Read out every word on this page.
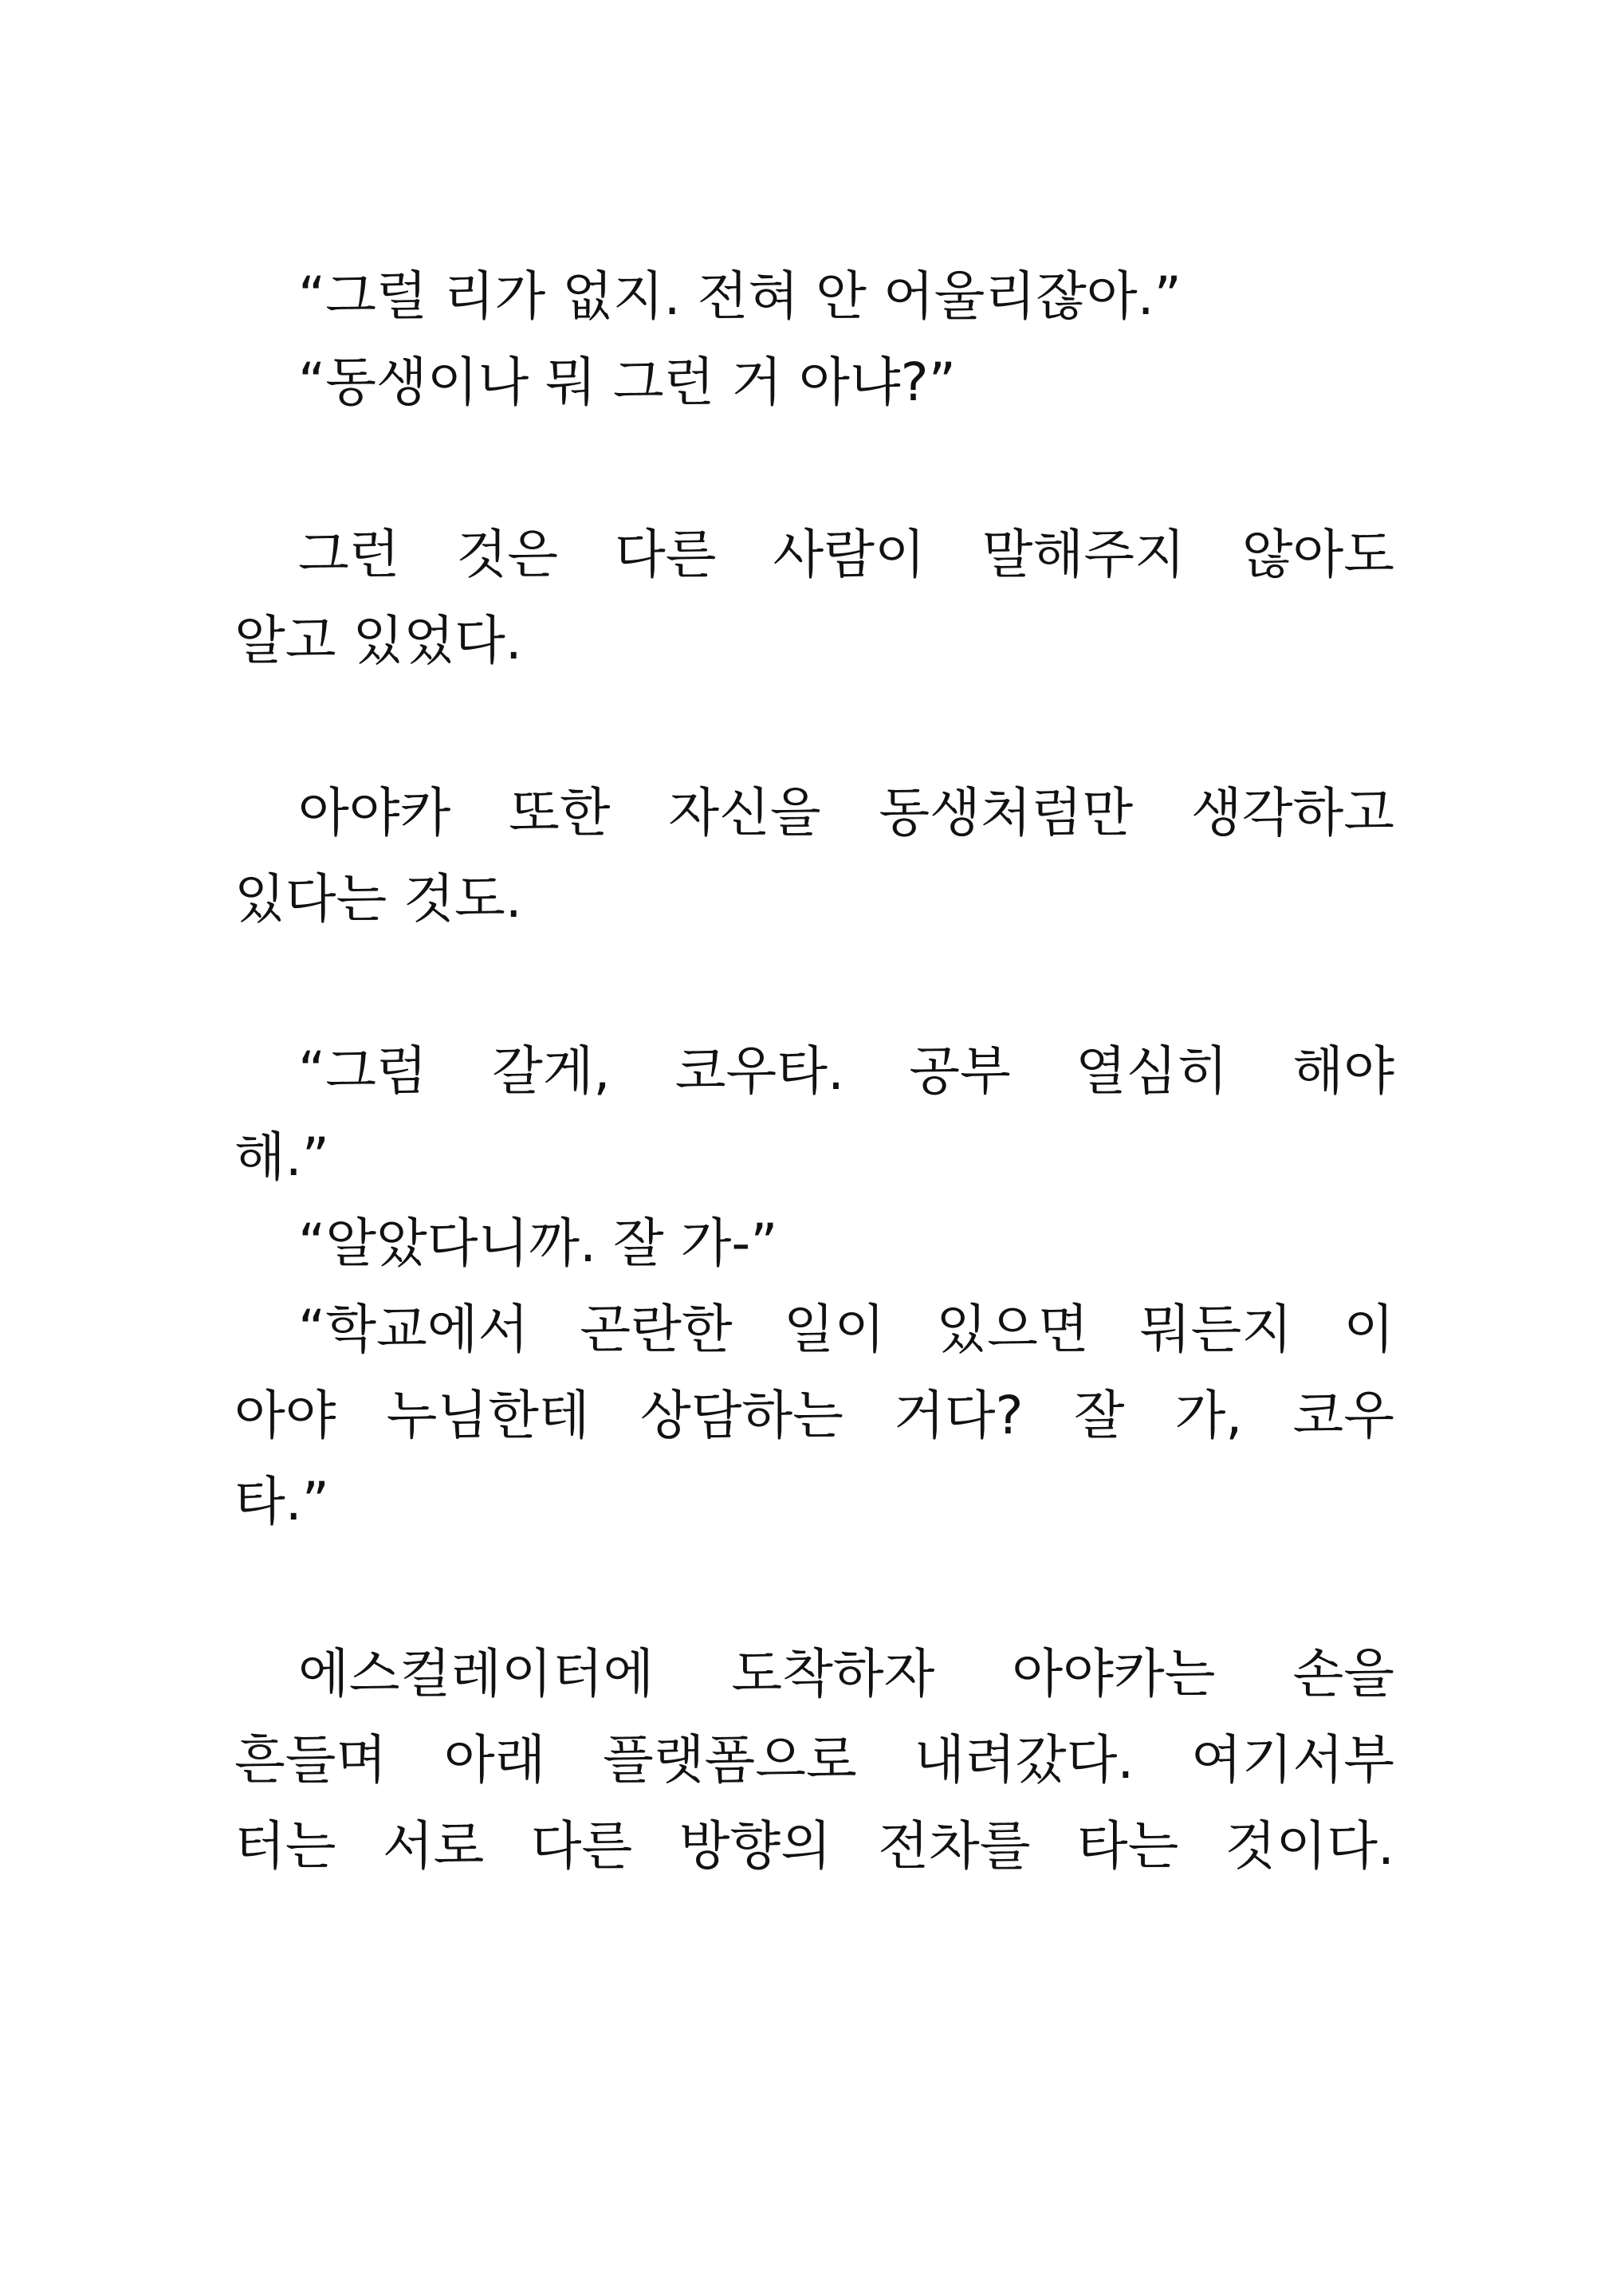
“그럴 리가 없지. 전혀 안 어울리잖아.”
“동생이나 뭐 그런 거 아냐?”
그런 것은 다른 사람이 말해주지 않아도
알고 있었다.
아야카 또한 자신을 동생처럼만 생각하고
있다는 것도.
“그럼 갈게, 코우타. 공부 열심히 해야
해.”
“알았다니까. 잘 가-”
“학교에서 곤란한 일이 있으면 뭐든지 이
아야 누님한테 상담하는 거다? 잘 가, 코우
타.”
에스컬레이터에 도착하자 아야카는 손을
흔들며 아래 플랫폼으로 내려갔다. 여기서부
터는 서로 다른 방향의 전차를 타는 것이다.
